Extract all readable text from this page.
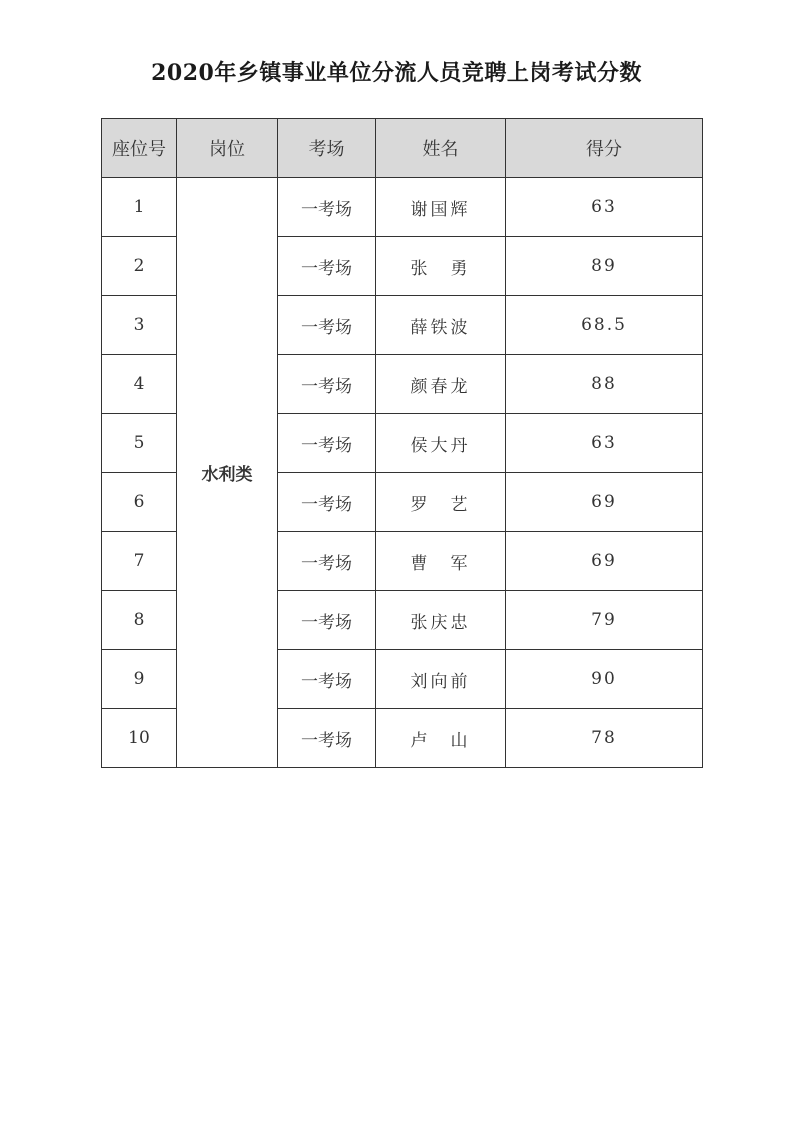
2020年乡镇事业单位分流人员竞聘上岗考试分数
座位号	岗位	考场	姓名	得分
1	水利类	一考场	谢国辉	63
2		一考场	张　勇	89
3		一考场	薛铁波	68.5
4		一考场	颜春龙	88
5		一考场	侯大丹	63
6		一考场	罗　艺	69
7		一考场	曹　军	69
8		一考场	张庆忠	79
9		一考场	刘向前	90
10		一考场	卢　山	78
